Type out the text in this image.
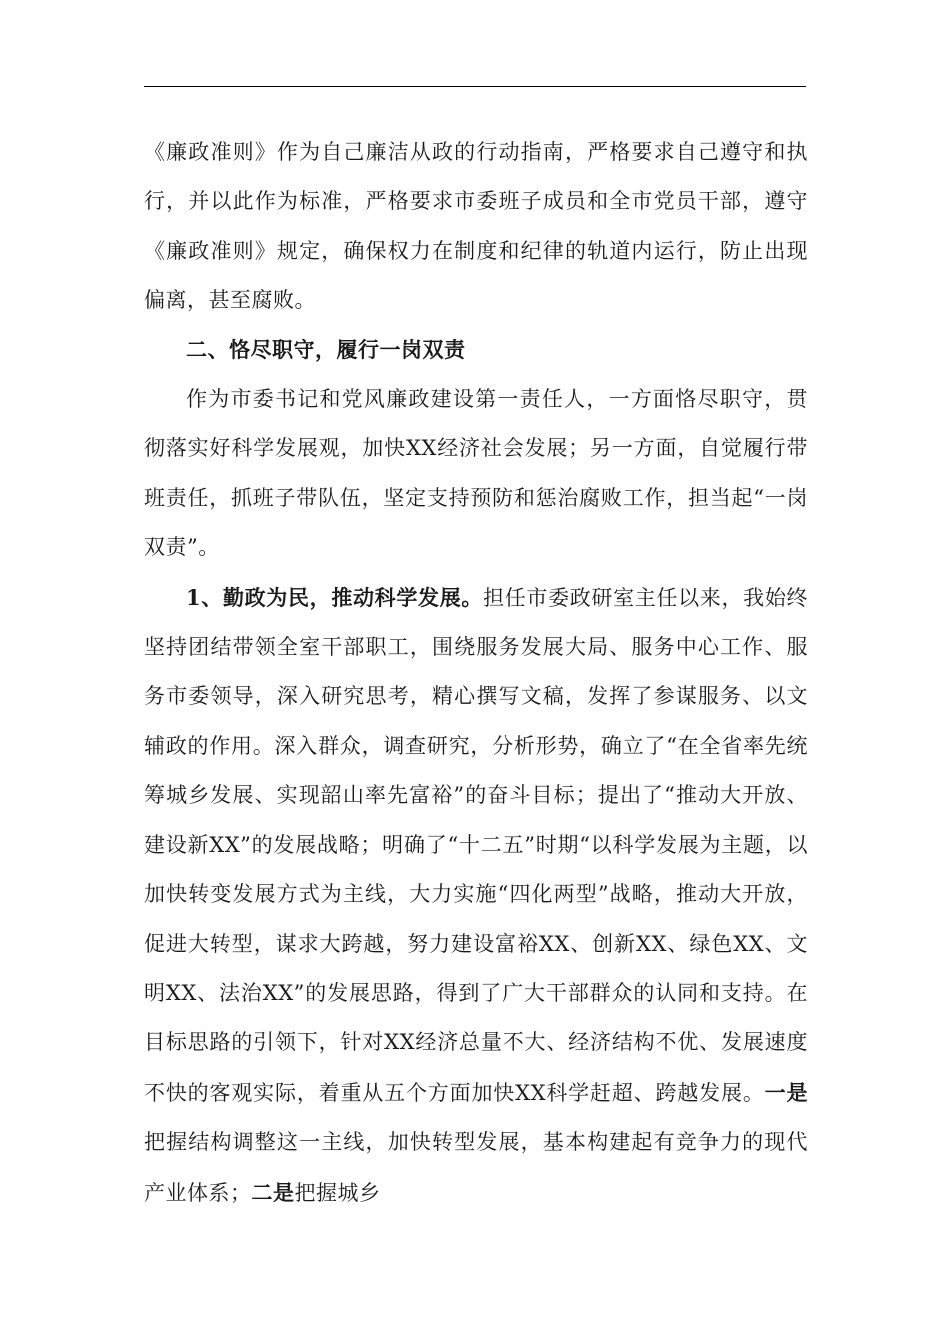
《廉政准则》作为自己廉洁从政的行动指南，严格要求自己遵守和执行，并以此作为标准，严格要求市委班子成员和全市党员干部，遵守《廉政准则》规定，确保权力在制度和纪律的轨道内运行，防止出现偏离，甚至腐败。

二、恪尽职守，履行一岗双责

作为市委书记和党风廉政建设第一责任人，一方面恪尽职守，贯彻落实好科学发展观，加快XX经济社会发展；另一方面，自觉履行带班责任，抓班子带队伍，坚定支持预防和惩治腐败工作，担当起“一岗双责”。

1、勤政为民，推动科学发展。担任市委政研室主任以来，我始终坚持团结带领全室干部职工，围绕服务发展大局、服务中心工作、服务市委领导，深入研究思考，精心撰写文稿，发挥了参谋服务、以文辅政的作用。深入群众，调查研究，分析形势，确立了“在全省率先统筹城乡发展、实现韶山率先富裕”的奋斗目标；提出了“推动大开放、建设新XX”的发展战略；明确了“十二五”时期“以科学发展为主题，以加快转变发展方式为主线，大力实施“四化两型”战略，推动大开放，促进大转型，谋求大跨越，努力建设富裕XX、创新XX、绿色XX、文明XX、法治XX”的发展思路，得到了广大干部群众的认同和支持。在目标思路的引领下，针对XX经济总量不大、经济结构不优、发展速度不快的客观实际，着重从五个方面加快XX科学赶超、跨越发展。一是把握结构调整这一主线，加快转型发展，基本构建起有竞争力的现代产业体系；二是把握城乡
